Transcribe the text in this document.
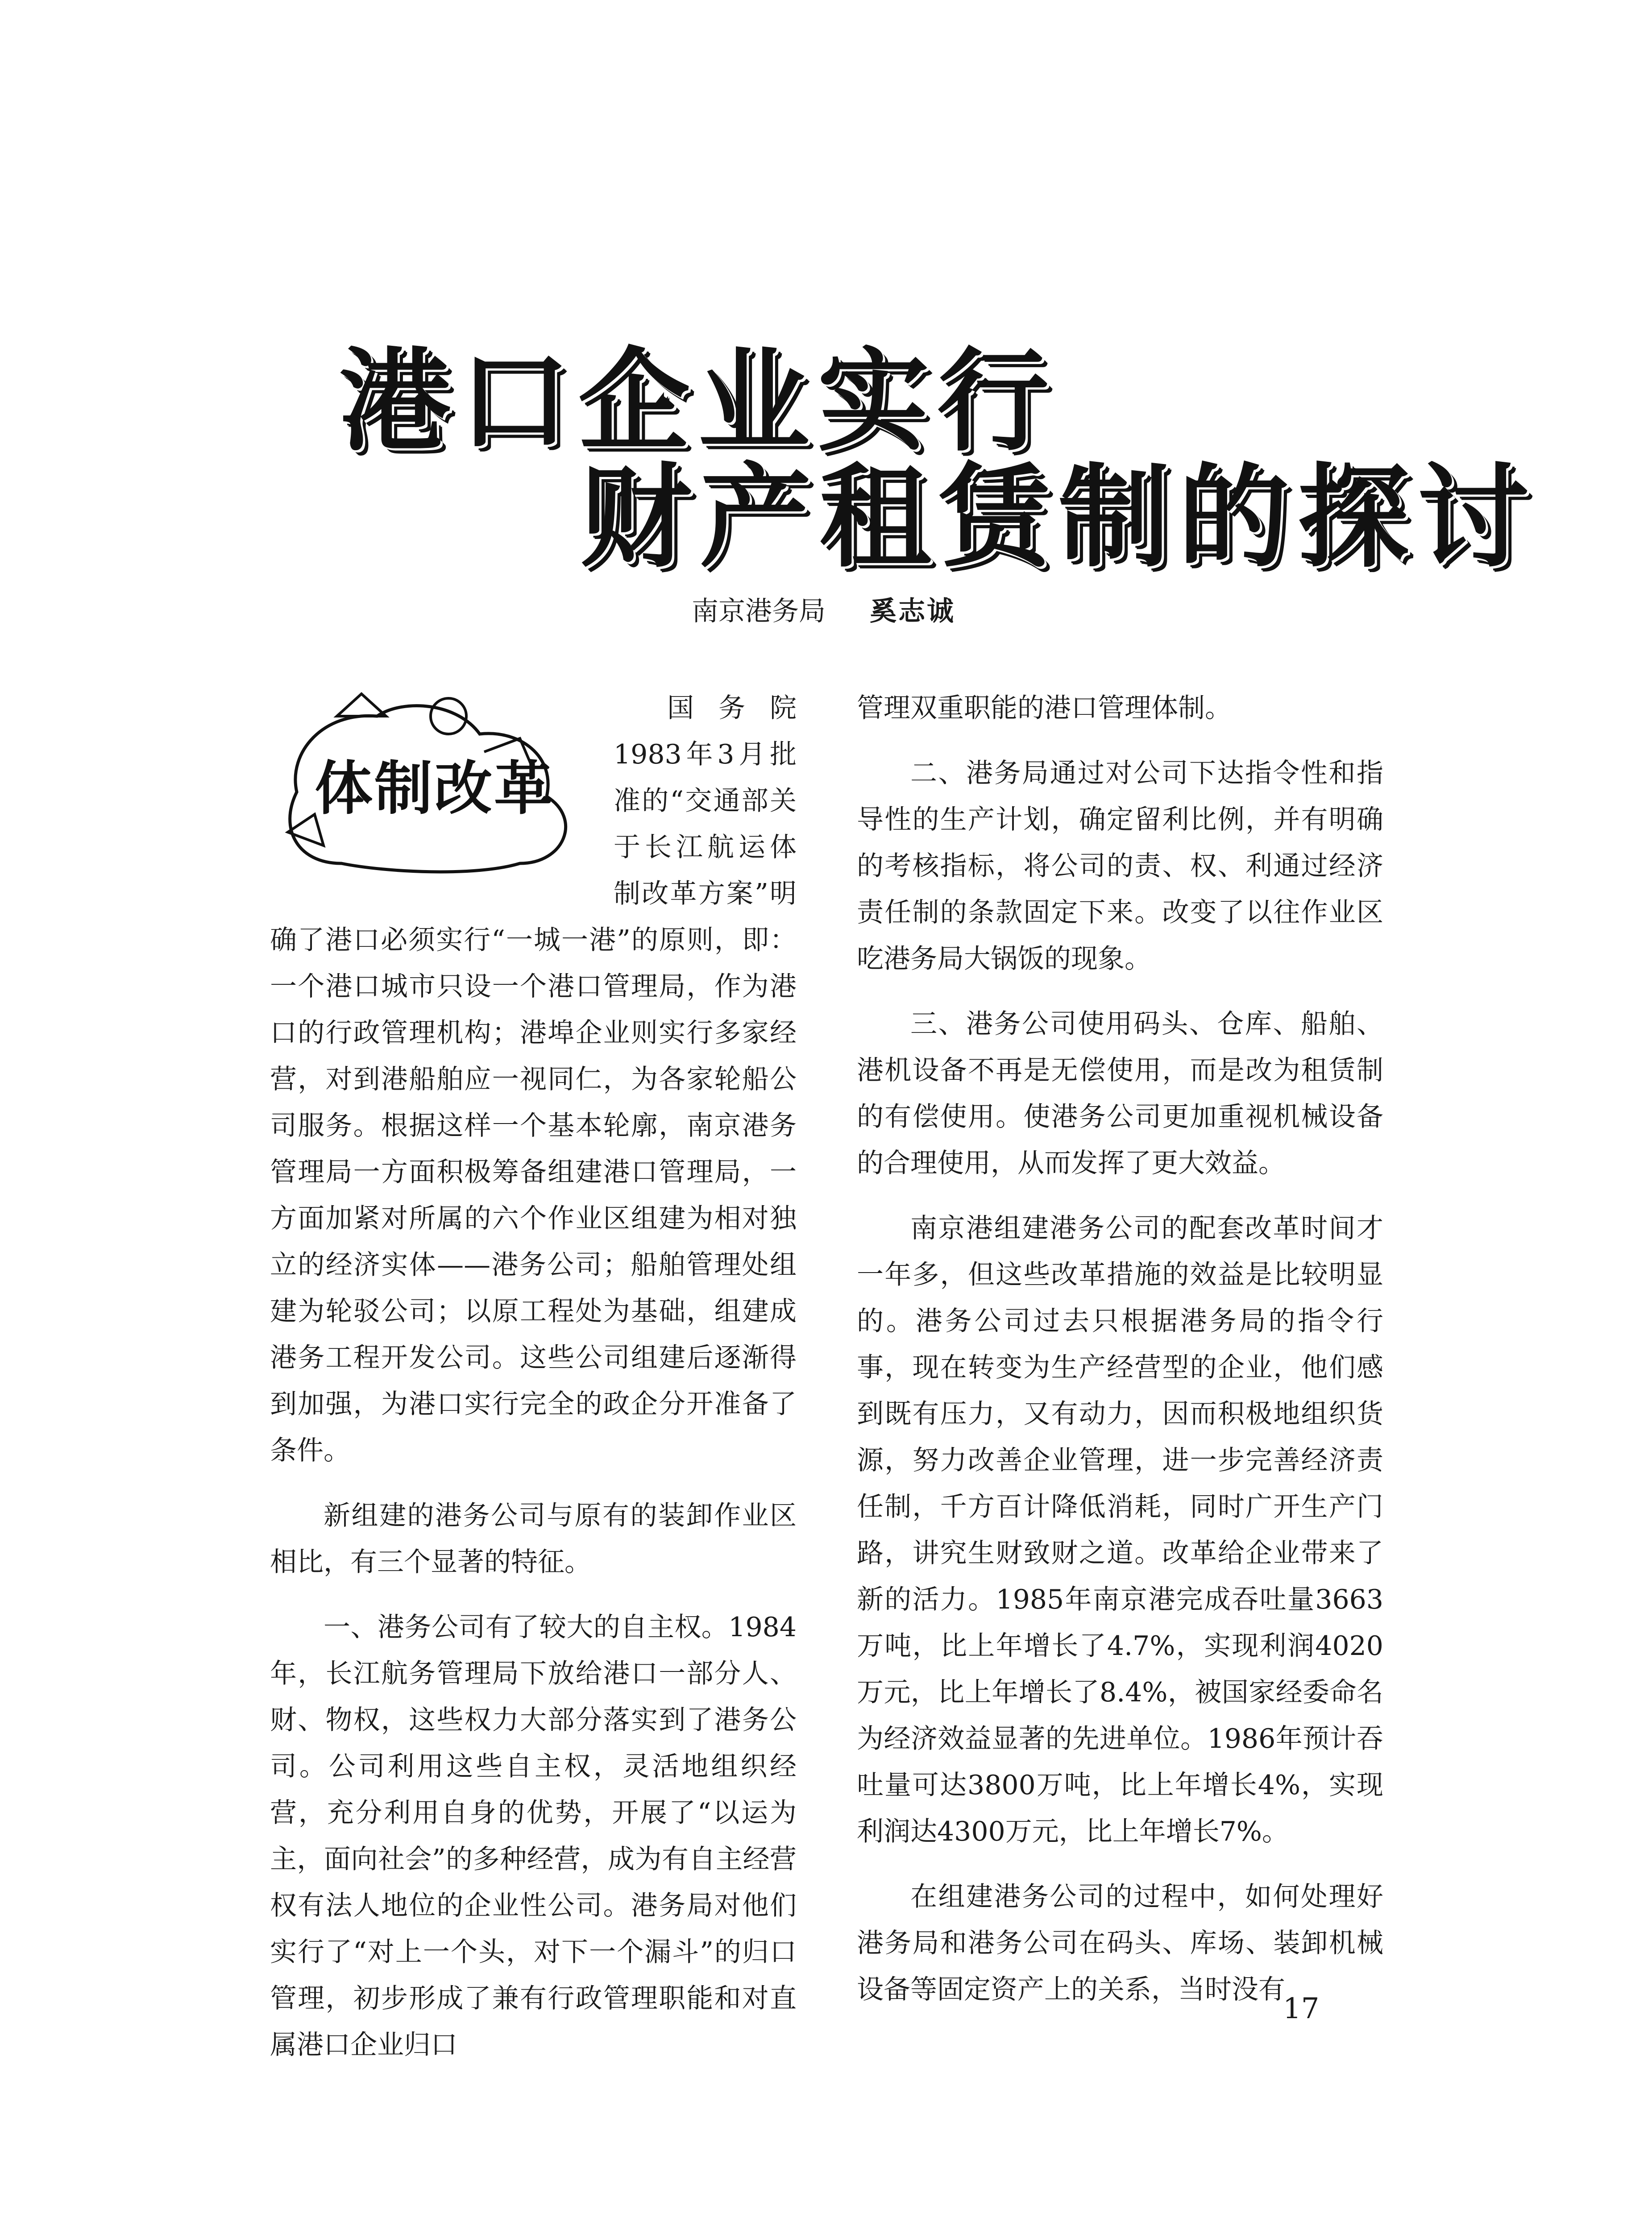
港口企业实行
财产租赁制的探讨
南京港务局 奚志诚
体制改革

国务院1983年3月批准的“交通部关于长江航运体制改革方案”明确了港口必须实行“一城一港”的原则，即：一个港口城市只设一个港口管理局，作为港口的行政管理机构；港埠企业则实行多家经营，对到港船舶应一视同仁，为各家轮船公司服务。根据这样一个基本轮廓，南京港务管理局一方面积极筹备组建港口管理局，一方面加紧对所属的六个作业区组建为相对独立的经济实体——港务公司；船舶管理处组建为轮驳公司；以原工程处为基础，组建成港务工程开发公司。这些公司组建后逐渐得到加强，为港口实行完全的政企分开准备了条件。

新组建的港务公司与原有的装卸作业区相比，有三个显著的特征。

一、港务公司有了较大的自主权。1984年，长江航务管理局下放给港口一部分人、财、物权，这些权力大部分落实到了港务公司。公司利用这些自主权，灵活地组织经营，充分利用自身的优势，开展了“以运为主，面向社会”的多种经营，成为有自主经营权有法人地位的企业性公司。港务局对他们实行了“对上一个头，对下一个漏斗”的归口管理，初步形成了兼有行政管理职能和对直属港口企业归口

管理双重职能的港口管理体制。

二、港务局通过对公司下达指令性和指导性的生产计划，确定留利比例，并有明确的考核指标，将公司的责、权、利通过经济责任制的条款固定下来。改变了以往作业区吃港务局大锅饭的现象。

三、港务公司使用码头、仓库、船舶、港机设备不再是无偿使用，而是改为租赁制的有偿使用。使港务公司更加重视机械设备的合理使用，从而发挥了更大效益。

南京港组建港务公司的配套改革时间才一年多，但这些改革措施的效益是比较明显的。港务公司过去只根据港务局的指令行事，现在转变为生产经营型的企业，他们感到既有压力，又有动力，因而积极地组织货源，努力改善企业管理，进一步完善经济责任制，千方百计降低消耗，同时广开生产门路，讲究生财致财之道。改革给企业带来了新的活力。1985年南京港完成吞吐量3663万吨，比上年增长了4.7%，实现利润4020万元，比上年增长了8.4%，被国家经委命名为经济效益显著的先进单位。1986年预计吞吐量可达3800万吨，比上年增长4%，实现利润达4300万元，比上年增长7%。

在组建港务公司的过程中，如何处理好港务局和港务公司在码头、库场、装卸机械设备等固定资产上的关系，当时没有

17
